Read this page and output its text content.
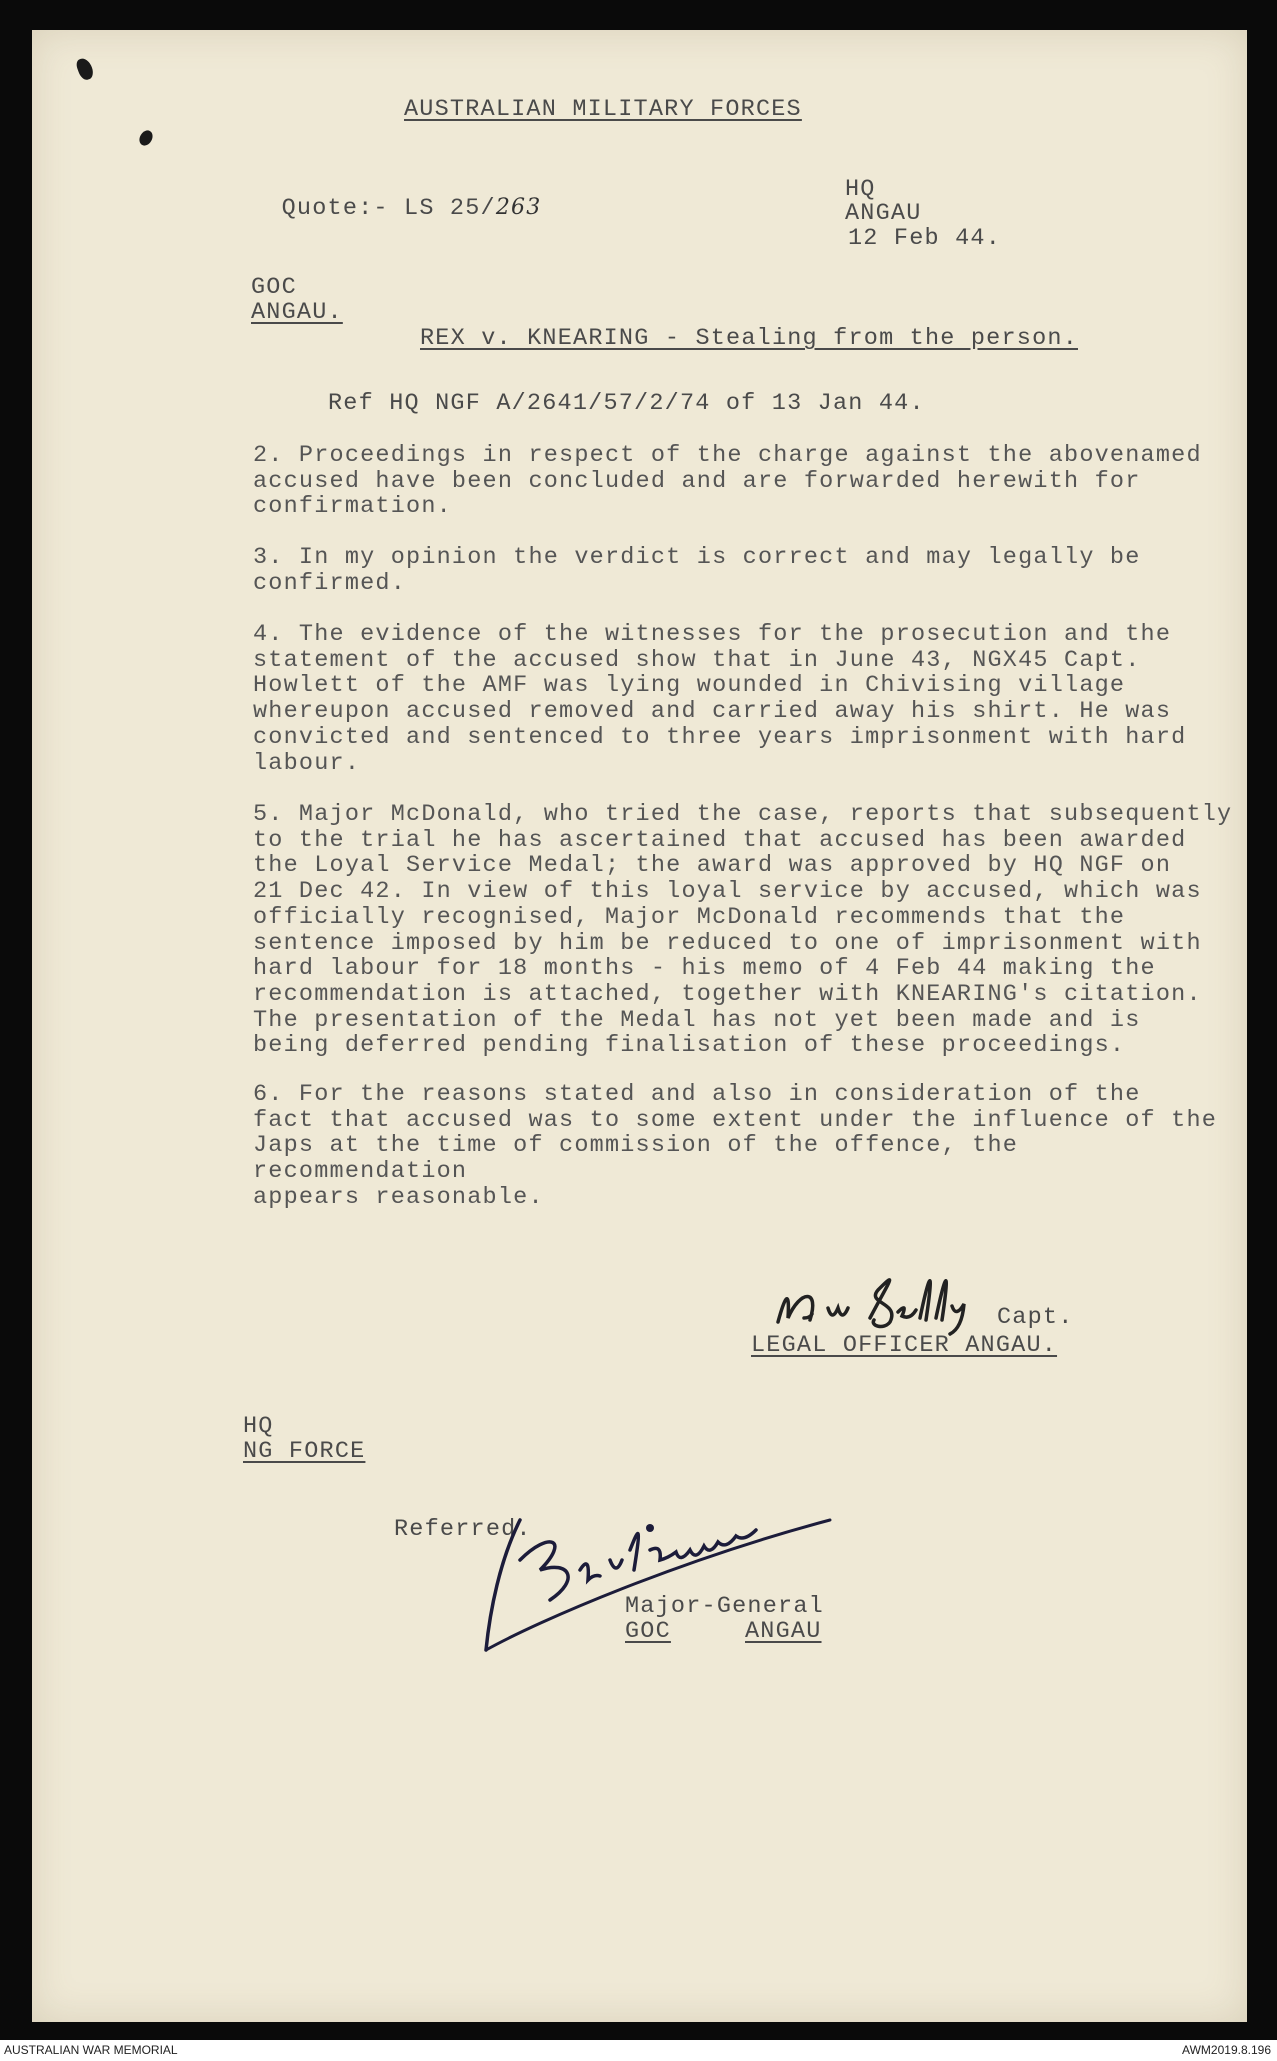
AUSTRALIAN MILITARY FORCES

Quote:- LS 25/263

HQ
ANGAU
12 Feb 44.
GOC
ANGAU.
REX v. KNEARING - Stealing from the person.
Ref HQ NGF A/2641/57/2/74 of 13 Jan 44.
2. Proceedings in respect of the charge against the abovenamed
accused have been concluded and are forwarded herewith for
confirmation.
3. In my opinion the verdict is correct and may legally be
confirmed.
4. The evidence of the witnesses for the prosecution and the
statement of the accused show that in June 43, NGX45 Capt.
Howlett of the AMF was lying wounded in Chivising village
whereupon accused removed and carried away his shirt. He was
convicted and sentenced to three years imprisonment with hard
labour.
5. Major McDonald, who tried the case, reports that subsequently
to the trial he has ascertained that accused has been awarded
the Loyal Service Medal; the award was approved by HQ NGF on
21 Dec 42. In view of this loyal service by accused, which was
officially recognised, Major McDonald recommends that the
sentence imposed by him be reduced to one of imprisonment with
hard labour for 18 months - his memo of 4 Feb 44 making the
recommendation is attached, together with KNEARING's citation.
The presentation of the Medal has not yet been made and is
being deferred pending finalisation of these proceedings.
6. For the reasons stated and also in consideration of the
fact that accused was to some extent under the influence of the
Japs at the time of commission of the offence, the recommendation
appears reasonable.
Capt.
LEGAL OFFICER ANGAU.
HQ
NG FORCE
Referred.
Major-General
GOC	ANGAU
AUSTRALIAN WAR MEMORIAL	AWM2019.8.196
